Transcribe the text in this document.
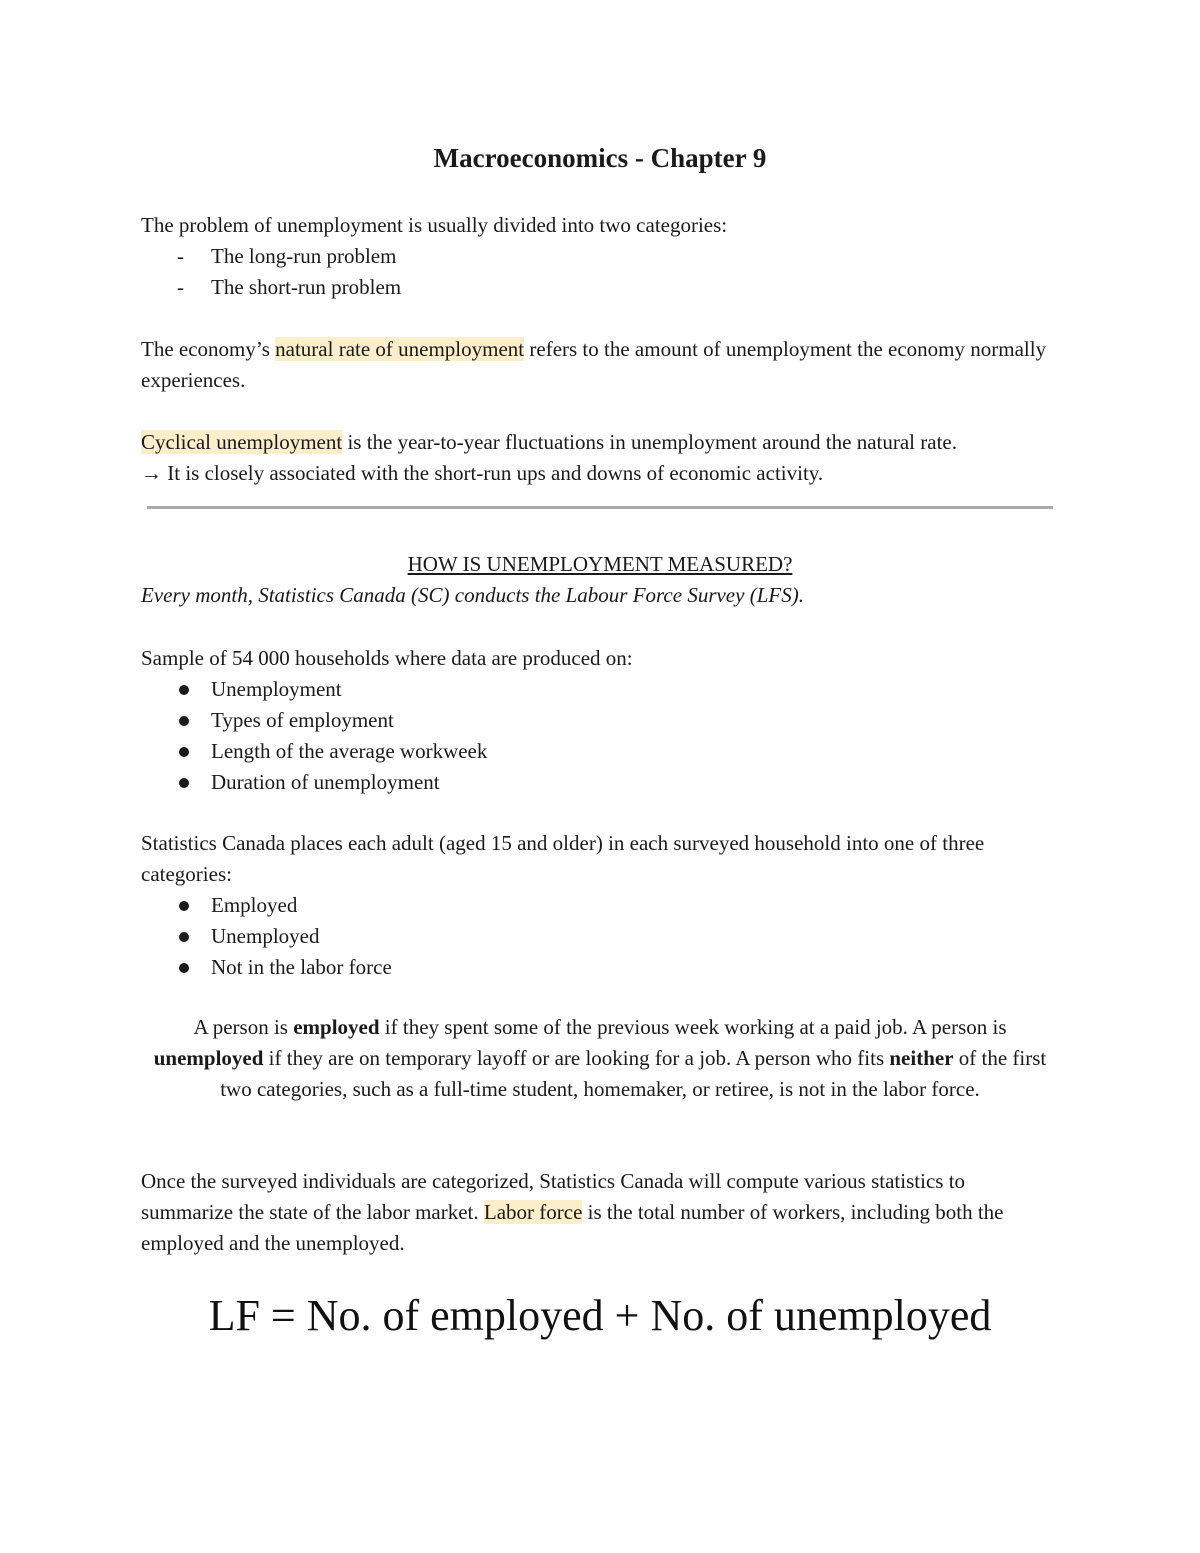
Macroeconomics - Chapter 9

The problem of unemployment is usually divided into two categories:

- The long-run problem
- The short-run problem

The economy’s natural rate of unemployment refers to the amount of unemployment the economy normally experiences.

Cyclical unemployment is the year-to-year fluctuations in unemployment around the natural rate.

→ It is closely associated with the short-run ups and downs of economic activity.

HOW IS UNEMPLOYMENT MEASURED?

Every month, Statistics Canada (SC) conducts the Labour Force Survey (LFS).

Sample of 54 000 households where data are produced on:

Unemployment
Types of employment
Length of the average workweek
Duration of unemployment

Statistics Canada places each adult (aged 15 and older) in each surveyed household into one of three categories:

Employed
Unemployed
Not in the labor force

A person is employed if they spent some of the previous week working at a paid job. A person is unemployed if they are on temporary layoff or are looking for a job. A person who fits neither of the first two categories, such as a full-time student, homemaker, or retiree, is not in the labor force.

Once the surveyed individuals are categorized, Statistics Canada will compute various statistics to summarize the state of the labor market. Labor force is the total number of workers, including both the employed and the unemployed.

LF = No. of employed + No. of unemployed
